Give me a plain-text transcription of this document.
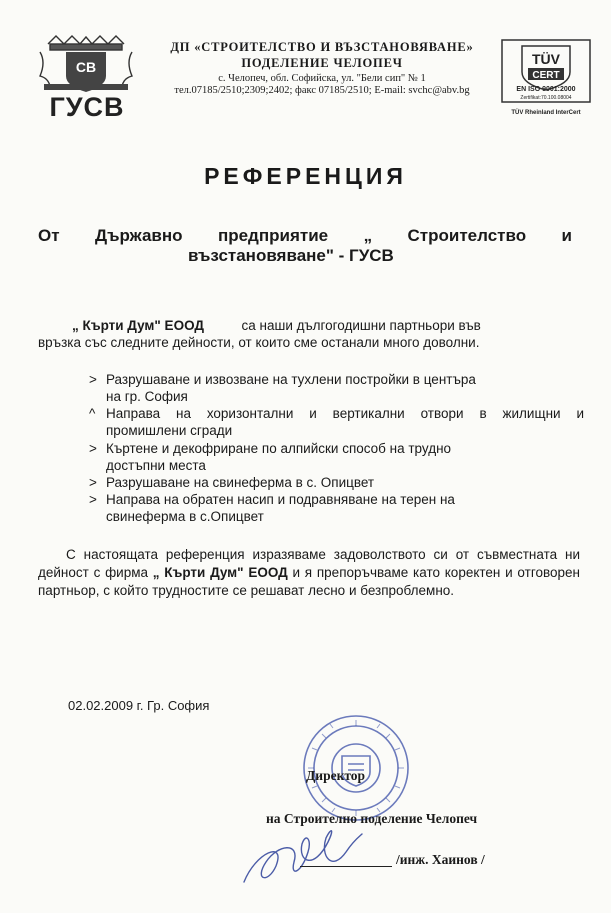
СВ
ГУСВ
ДП «СТРОИТЕЛСТВО И ВЪЗСТАНОВЯВАНЕ»
ПОДЕЛЕНИЕ ЧЕЛОПЕЧ
с. Челопеч, обл. Софийска, ул. "Бели сип" № 1
тел.07185/2510;2309;2402; факс 07185/2510; E-mail: svchc@abv.bg
TÜV
CERT
EN ISO 9001:2000
Zertifikat:70.100.08004
TÜV Rheinland InterCert
РЕФЕРЕНЦИЯ
От Държавно предприятие „ Строителство и
възстановяване" - ГУСВ
„ Кърти Дум" ЕООД	са наши дългогодишни партньори във
връзка със следните дейности, от които сме останали много доволни.
> Разрушаване и извозване на тухлени постройки в центъра
на гр. София
^ Направа на хоризонтални и вертикални отвори в жилищни и
промишлени сгради
> Къртене и декофриране по алпийски способ на трудно
достъпни места
> Разрушаване на свинеферма в с. Опицвет
> Направа на обратен насип и подравняване на терен на
свинеферма в с.Опицвет
С настоящата референция изразяваме задоволството си от съвместната ни дейност с фирма „ Кърти Дум" ЕООД и я препоръчваме като коректен и отговорен партньор, с който трудностите се решават лесно и безпроблемно.
02.02.2009 г. Гр. София
Директор
на Строително поделение Челопеч
/инж. Хаинов /
